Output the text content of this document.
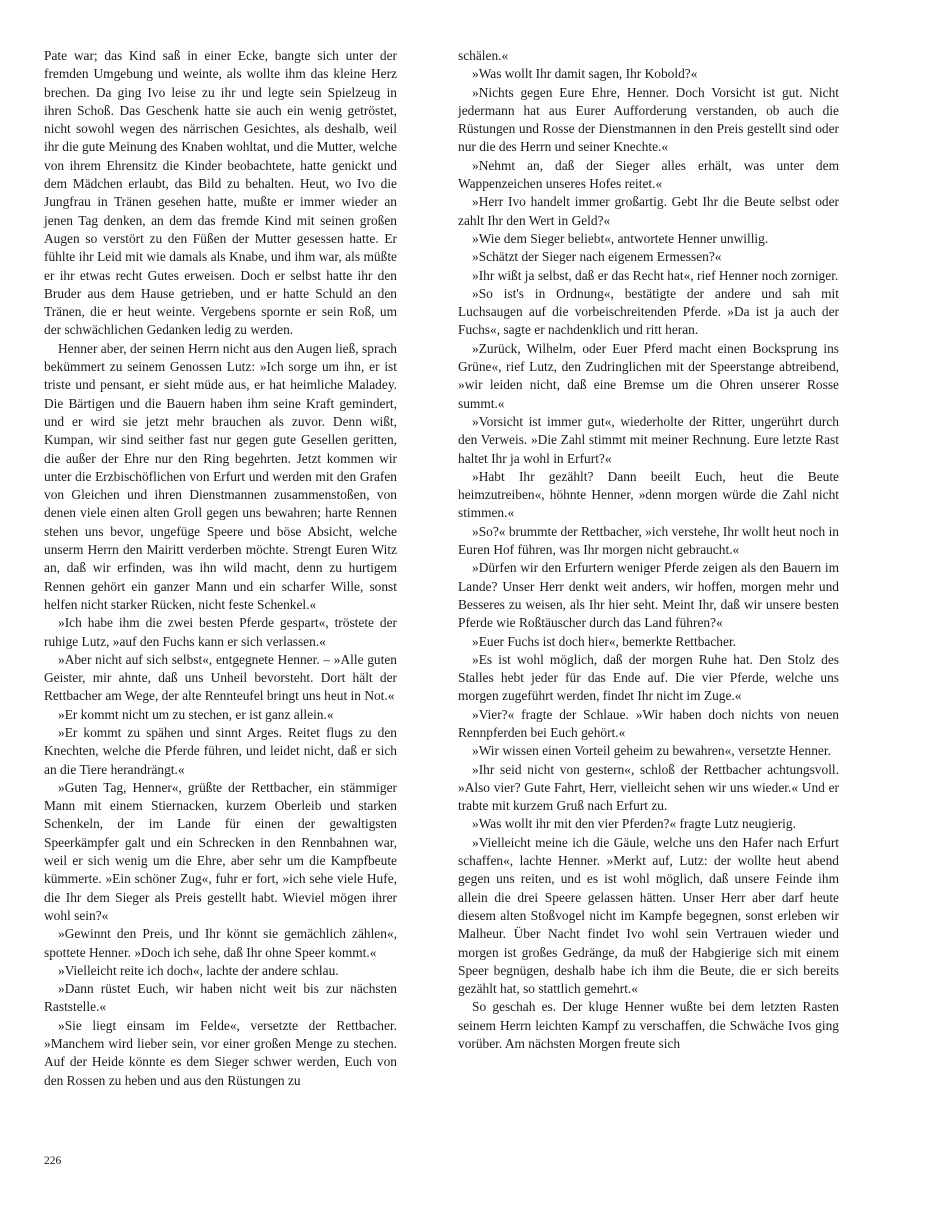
Pate war; das Kind saß in einer Ecke, bangte sich unter der fremden Umgebung und weinte, als wollte ihm das kleine Herz brechen. Da ging Ivo leise zu ihr und legte sein Spielzeug in ihren Schoß. Das Geschenk hatte sie auch ein wenig getröstet, nicht sowohl wegen des närrischen Gesichtes, als deshalb, weil ihr die gute Meinung des Knaben wohltat, und die Mutter, welche von ihrem Ehrensitz die Kinder beobachtete, hatte genickt und dem Mädchen erlaubt, das Bild zu behalten. Heut, wo Ivo die Jungfrau in Tränen gesehen hatte, mußte er immer wieder an jenen Tag denken, an dem das fremde Kind mit seinen großen Augen so verstört zu den Füßen der Mutter gesessen hatte. Er fühlte ihr Leid mit wie damals als Knabe, und ihm war, als müßte er ihr etwas recht Gutes erweisen. Doch er selbst hatte ihr den Bruder aus dem Hause getrieben, und er hatte Schuld an den Tränen, die er heut weinte. Vergebens spornte er sein Roß, um der schwächlichen Gedanken ledig zu werden.

Henner aber, der seinen Herrn nicht aus den Augen ließ, sprach bekümmert zu seinem Genossen Lutz: »Ich sorge um ihn, er ist triste und pensant, er sieht müde aus, er hat heimliche Maladey. Die Bärtigen und die Bauern haben ihm seine Kraft gemindert, und er wird sie jetzt mehr brauchen als zuvor. Denn wißt, Kumpan, wir sind seither fast nur gegen gute Gesellen geritten, die außer der Ehre nur den Ring begehrten. Jetzt kommen wir unter die Erzbischöflichen von Erfurt und werden mit den Grafen von Gleichen und ihren Dienstmannen zusammenstoßen, von denen viele einen alten Groll gegen uns bewahren; harte Rennen stehen uns bevor, ungefüge Speere und böse Absicht, welche unserm Herrn den Mairitt verderben möchte. Strengt Euren Witz an, daß wir erfinden, was ihn wild macht, denn zu hurtigem Rennen gehört ein ganzer Mann und ein scharfer Wille, sonst helfen nicht starker Rücken, nicht feste Schenkel.«

»Ich habe ihm die zwei besten Pferde gespart«, tröstete der ruhige Lutz, »auf den Fuchs kann er sich verlassen.«

»Aber nicht auf sich selbst«, entgegnete Henner. – »Alle guten Geister, mir ahnte, daß uns Unheil bevorsteht. Dort hält der Rettbacher am Wege, der alte Rennteufel bringt uns heut in Not.«

»Er kommt nicht um zu stechen, er ist ganz allein.«

»Er kommt zu spähen und sinnt Arges. Reitet flugs zu den Knechten, welche die Pferde führen, und leidet nicht, daß er sich an die Tiere herandrängt.«

»Guten Tag, Henner«, grüßte der Rettbacher, ein stämmiger Mann mit einem Stiernacken, kurzem Oberleib und starken Schenkeln, der im Lande für einen der gewaltigsten Speerkämpfer galt und ein Schrecken in den Rennbahnen war, weil er sich wenig um die Ehre, aber sehr um die Kampfbeute kümmerte. »Ein schöner Zug«, fuhr er fort, »ich sehe viele Hufe, die Ihr dem Sieger als Preis gestellt habt. Wieviel mögen ihrer wohl sein?«

»Gewinnt den Preis, und Ihr könnt sie gemächlich zählen«, spottete Henner. »Doch ich sehe, daß Ihr ohne Speer kommt.«

»Vielleicht reite ich doch«, lachte der andere schlau.

»Dann rüstet Euch, wir haben nicht weit bis zur nächsten Raststelle.«

»Sie liegt einsam im Felde«, versetzte der Rettbacher. »Manchem wird lieber sein, vor einer großen Menge zu stechen. Auf der Heide könnte es dem Sieger schwer werden, Euch von den Rossen zu heben und aus den Rüstungen zu

schälen.«

»Was wollt Ihr damit sagen, Ihr Kobold?«

»Nichts gegen Eure Ehre, Henner. Doch Vorsicht ist gut. Nicht jedermann hat aus Eurer Aufforderung verstanden, ob auch die Rüstungen und Rosse der Dienstmannen in den Preis gestellt sind oder nur die des Herrn und seiner Knechte.«

»Nehmt an, daß der Sieger alles erhält, was unter dem Wappenzeichen unseres Hofes reitet.«

»Herr Ivo handelt immer großartig. Gebt Ihr die Beute selbst oder zahlt Ihr den Wert in Geld?«

»Wie dem Sieger beliebt«, antwortete Henner unwillig.

»Schätzt der Sieger nach eigenem Ermessen?«

»Ihr wißt ja selbst, daß er das Recht hat«, rief Henner noch zorniger.

»So ist's in Ordnung«, bestätigte der andere und sah mit Luchsaugen auf die vorbeischreitenden Pferde. »Da ist ja auch der Fuchs«, sagte er nachdenklich und ritt heran.

»Zurück, Wilhelm, oder Euer Pferd macht einen Bocksprung ins Grüne«, rief Lutz, den Zudringlichen mit der Speerstange abtreibend, »wir leiden nicht, daß eine Bremse um die Ohren unserer Rosse summt.«

»Vorsicht ist immer gut«, wiederholte der Ritter, ungerührt durch den Verweis. »Die Zahl stimmt mit meiner Rechnung. Eure letzte Rast haltet Ihr ja wohl in Erfurt?«

»Habt Ihr gezählt? Dann beeilt Euch, heut die Beute heimzutreiben«, höhnte Henner, »denn morgen würde die Zahl nicht stimmen.«

»So?« brummte der Rettbacher, »ich verstehe, Ihr wollt heut noch in Euren Hof führen, was Ihr morgen nicht gebraucht.«

»Dürfen wir den Erfurtern weniger Pferde zeigen als den Bauern im Lande? Unser Herr denkt weit anders, wir hoffen, morgen mehr und Besseres zu weisen, als Ihr hier seht. Meint Ihr, daß wir unsere besten Pferde wie Roßtäuscher durch das Land führen?«

»Euer Fuchs ist doch hier«, bemerkte Rettbacher.

»Es ist wohl möglich, daß der morgen Ruhe hat. Den Stolz des Stalles hebt jeder für das Ende auf. Die vier Pferde, welche uns morgen zugeführt werden, findet Ihr nicht im Zuge.«

»Vier?« fragte der Schlaue. »Wir haben doch nichts von neuen Rennpferden bei Euch gehört.«

»Wir wissen einen Vorteil geheim zu bewahren«, versetzte Henner.

»Ihr seid nicht von gestern«, schloß der Rettbacher achtungsvoll. »Also vier? Gute Fahrt, Herr, vielleicht sehen wir uns wieder.« Und er trabte mit kurzem Gruß nach Erfurt zu.

»Was wollt ihr mit den vier Pferden?« fragte Lutz neugierig.

»Vielleicht meine ich die Gäule, welche uns den Hafer nach Erfurt schaffen«, lachte Henner. »Merkt auf, Lutz: der wollte heut abend gegen uns reiten, und es ist wohl möglich, daß unsere Feinde ihm allein die drei Speere gelassen hätten. Unser Herr aber darf heute diesem alten Stoßvogel nicht im Kampfe begegnen, sonst erleben wir Malheur. Über Nacht findet Ivo wohl sein Vertrauen wieder und morgen ist großes Gedränge, da muß der Habgierige sich mit einem Speer begnügen, deshalb habe ich ihm die Beute, die er sich bereits gezählt hat, so stattlich gemehrt.«

So geschah es. Der kluge Henner wußte bei dem letzten Rasten seinem Herrn leichten Kampf zu verschaffen, die Schwäche Ivos ging vorüber. Am nächsten Morgen freute sich

226
